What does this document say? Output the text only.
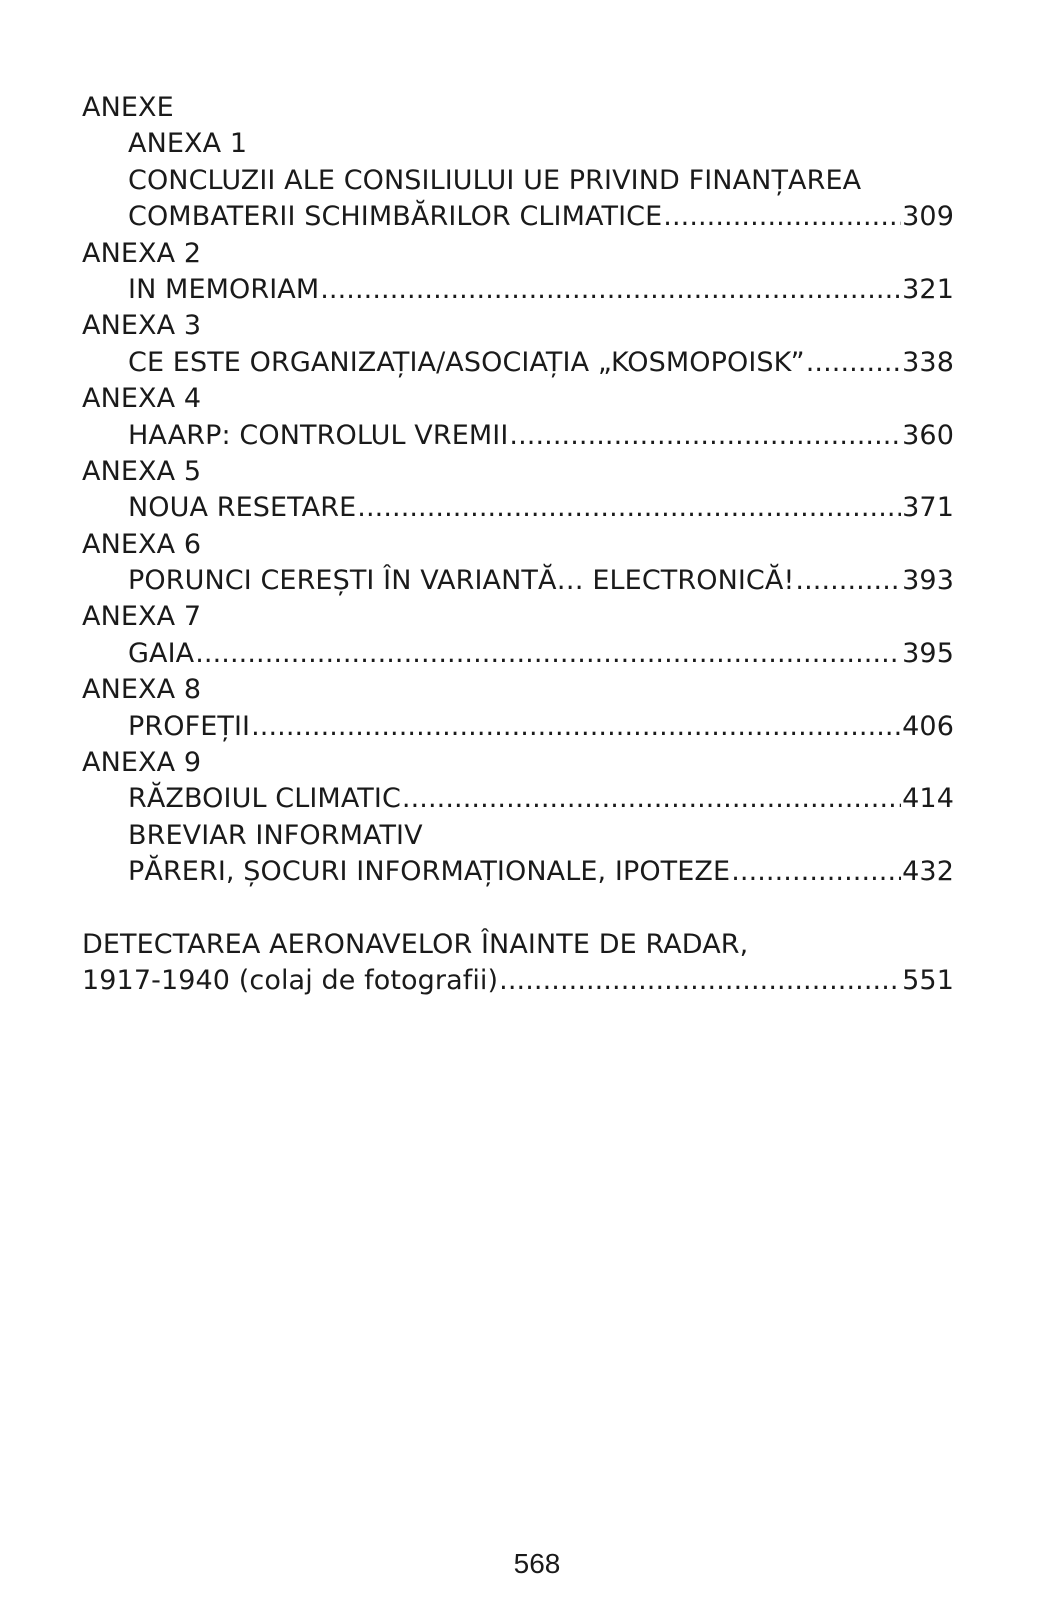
ANEXE
ANEXA 1
CONCLUZII ALE CONSILIULUI UE PRIVIND FINANȚAREA
COMBATERII SCHIMBĂRILOR CLIMATICE .....	309
ANEXA 2
IN MEMORIAM .....	321
ANEXA 3
CE ESTE ORGANIZAȚIA/ASOCIAȚIA „KOSMOPOISK” .....	338
ANEXA 4
HAARP: CONTROLUL VREMII .....	360
ANEXA 5
NOUA RESETARE .....	371
ANEXA 6
PORUNCI CEREȘTI ÎN VARIANTĂ… ELECTRONICĂ! .....	393
ANEXA 7
GAIA .....	395
ANEXA 8
PROFEȚII .....	406
ANEXA 9
RĂZBOIUL CLIMATIC .....	414
BREVIAR INFORMATIV
PĂRERI, ȘOCURI INFORMAȚIONALE, IPOTEZE .....	432
DETECTAREA AERONAVELOR ÎNAINTE DE RADAR,
1917-1940 (colaj de fotografii) .....	551
568
